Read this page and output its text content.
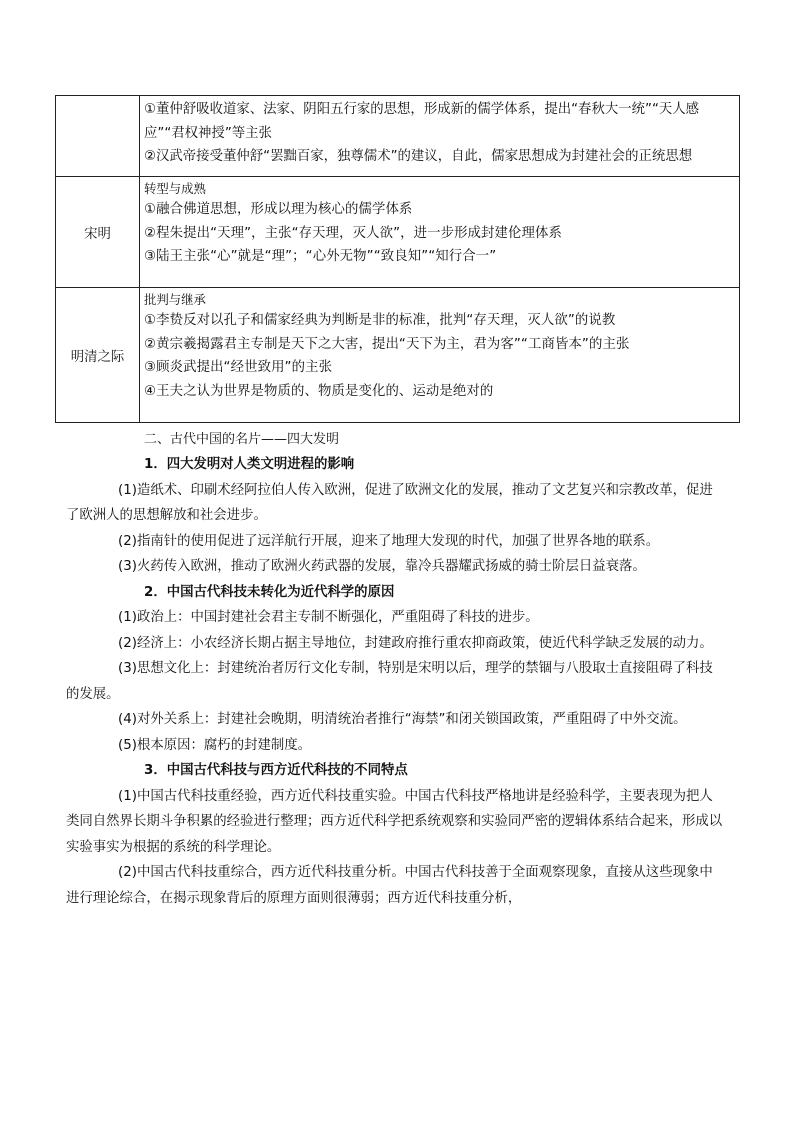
	①董仲舒吸收道家、法家、阴阳五行家的思想，形成新的儒学体系，提出“春秋大一统”“天人感应”“君权神授”等主张
②汉武帝接受董仲舒“罢黜百家，独尊儒术”的建议，自此，儒家思想成为封建社会的正统思想

宋明	转型与成熟
①融合佛道思想，形成以理为核心的儒学体系
②程朱提出“天理”，主张“存天理，灭人欲”，进一步形成封建伦理体系
③陆王主张“心”就是“理”；“心外无物”“致良知”“知行合一”

明清之际	批判与继承
①李贽反对以孔子和儒家经典为判断是非的标准，批判“存天理，灭人欲”的说教
②黄宗羲揭露君主专制是天下之大害，提出“天下为主，君为客”“工商皆本”的主张
③顾炎武提出“经世致用”的主张
④王夫之认为世界是物质的、物质是变化的、运动是绝对的
二、古代中国的名片——四大发明
1．四大发明对人类文明进程的影响
(1)造纸术、印刷术经阿拉伯人传入欧洲，促进了欧洲文化的发展，推动了文艺复兴和宗教改革，促进了欧洲人的思想解放和社会进步。
(2)指南针的使用促进了远洋航行开展，迎来了地理大发现的时代，加强了世界各地的联系。
(3)火药传入欧洲，推动了欧洲火药武器的发展，靠冷兵器耀武扬威的骑士阶层日益衰落。
2．中国古代科技未转化为近代科学的原因
(1)政治上：中国封建社会君主专制不断强化，严重阻碍了科技的进步。
(2)经济上：小农经济长期占据主导地位，封建政府推行重农抑商政策，使近代科学缺乏发展的动力。
(3)思想文化上：封建统治者厉行文化专制，特别是宋明以后，理学的禁锢与八股取士直接阻碍了科技的发展。
(4)对外关系上：封建社会晚期，明清统治者推行“海禁”和闭关锁国政策，严重阻碍了中外交流。
(5)根本原因：腐朽的封建制度。
3．中国古代科技与西方近代科技的不同特点
(1)中国古代科技重经验，西方近代科技重实验。中国古代科技严格地讲是经验科学，主要表现为把人类同自然界长期斗争积累的经验进行整理；西方近代科学把系统观察和实验同严密的逻辑体系结合起来，形成以实验事实为根据的系统的科学理论。
(2)中国古代科技重综合，西方近代科技重分析。中国古代科技善于全面观察现象，直接从这些现象中进行理论综合，在揭示现象背后的原理方面则很薄弱；西方近代科技重分析，
